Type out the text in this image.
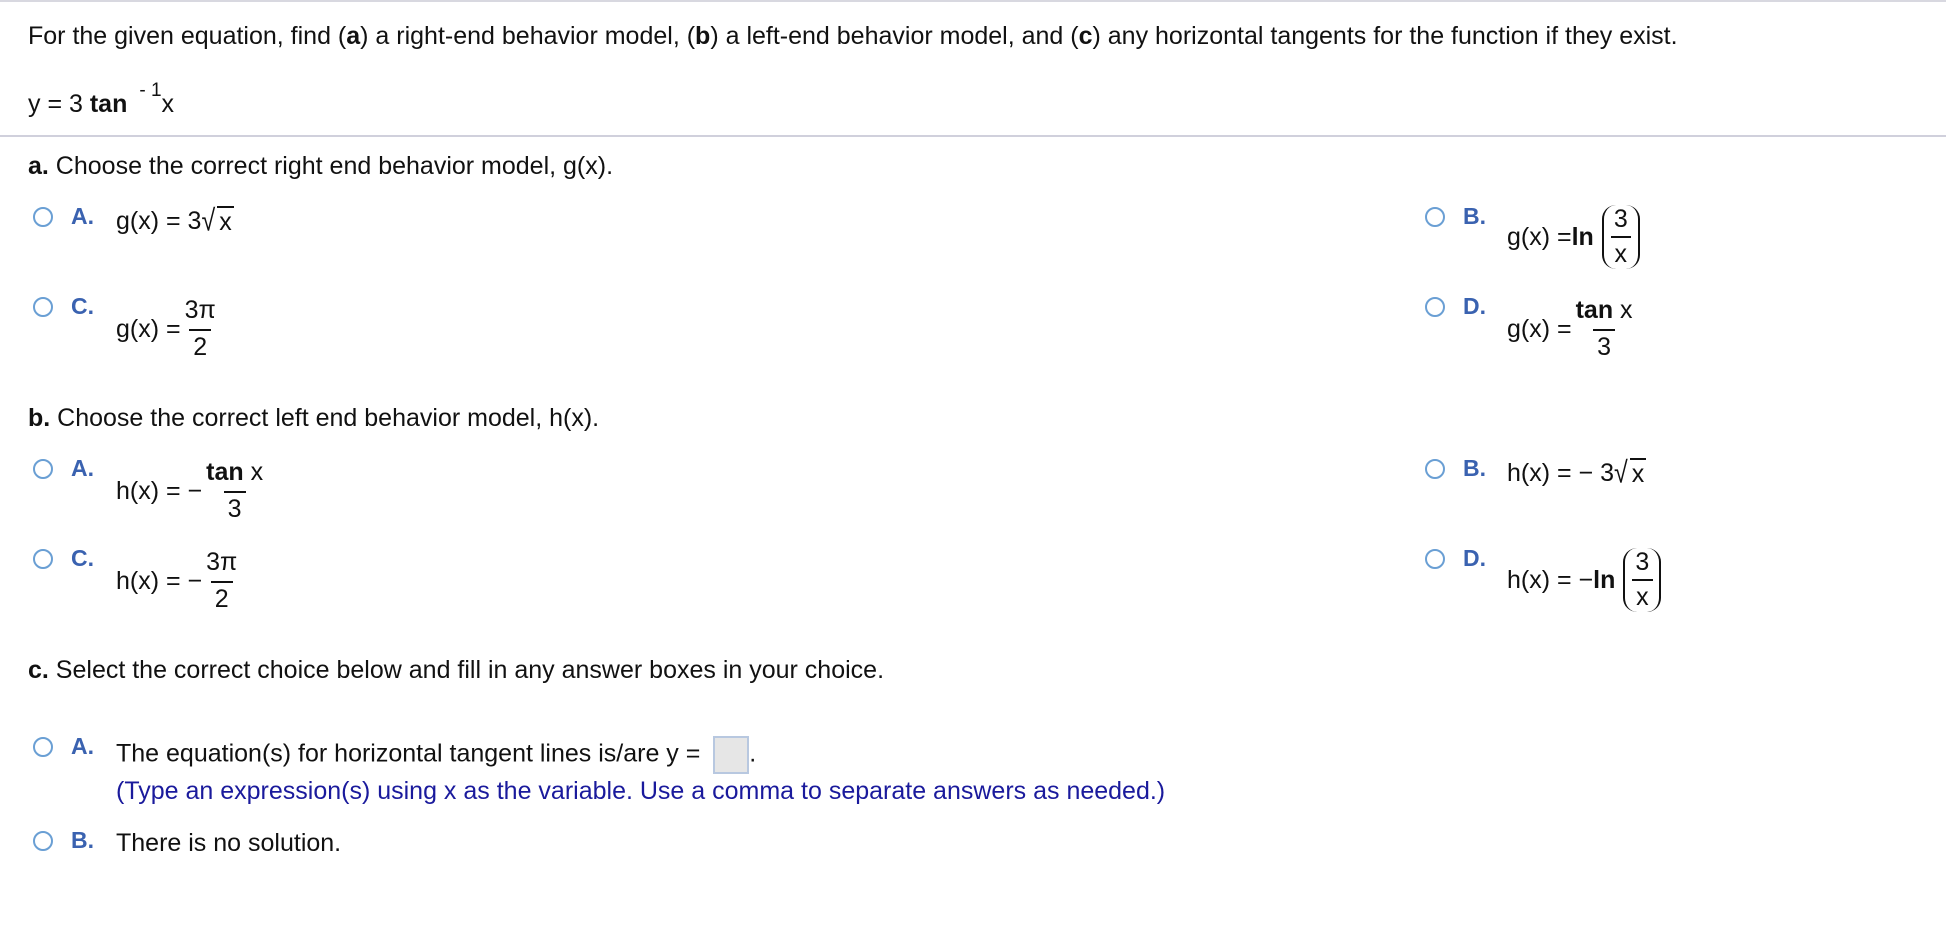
For the given equation, find (a) a right-end behavior model, (b) a left-end behavior model, and (c) any horizontal tangents for the function if they exist.
y = 3 tan $^{- 1}$x
a. Choose the correct right end behavior model, g(x).
A. g(x) = 3 √ x	B.
$g(x) = \ln \frac{3}{x}$
C.
$g(x) = \frac{3\pi}{2}$	D.
$g(x) = \frac{\text{tan x}}{3}$
b. Choose the correct left end behavior model, h(x).
A.
h(x) = − $\frac{\text{tan x}}{3}$	B. h(x) = − 3 √ x
C.
h(x) = − $\frac{3\pi}{2}$	D.
h(x) = − $\ln \frac{3}{x}$
c. Select the correct choice below and fill in any answer boxes in your choice.
A. The equation(s) for horizontal tangent lines is/are y = .
(Type an expression(s) using x as the variable. Use a comma to separate answers as needed.)
B. There is no solution.
